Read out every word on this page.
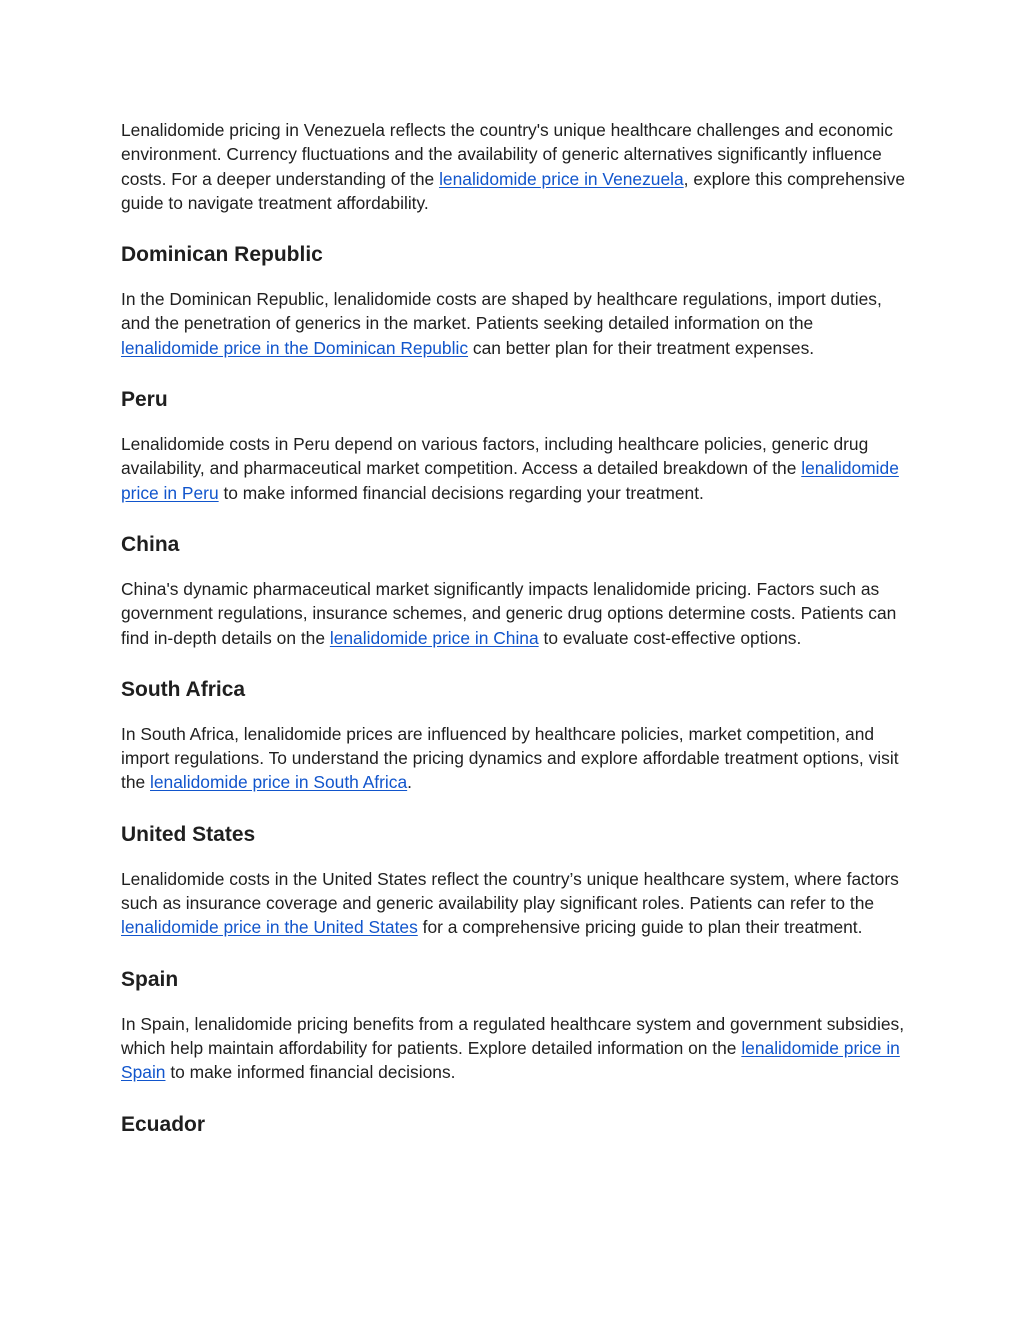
Lenalidomide pricing in Venezuela reflects the country's unique healthcare challenges and economic environment. Currency fluctuations and the availability of generic alternatives significantly influence costs. For a deeper understanding of the lenalidomide price in Venezuela, explore this comprehensive guide to navigate treatment affordability.

Dominican Republic

In the Dominican Republic, lenalidomide costs are shaped by healthcare regulations, import duties, and the penetration of generics in the market. Patients seeking detailed information on the lenalidomide price in the Dominican Republic can better plan for their treatment expenses.

Peru

Lenalidomide costs in Peru depend on various factors, including healthcare policies, generic drug availability, and pharmaceutical market competition. Access a detailed breakdown of the lenalidomide price in Peru to make informed financial decisions regarding your treatment.

China

China's dynamic pharmaceutical market significantly impacts lenalidomide pricing. Factors such as government regulations, insurance schemes, and generic drug options determine costs. Patients can find in-depth details on the lenalidomide price in China to evaluate cost-effective options.

South Africa

In South Africa, lenalidomide prices are influenced by healthcare policies, market competition, and import regulations. To understand the pricing dynamics and explore affordable treatment options, visit the lenalidomide price in South Africa.

United States

Lenalidomide costs in the United States reflect the country’s unique healthcare system, where factors such as insurance coverage and generic availability play significant roles. Patients can refer to the lenalidomide price in the United States for a comprehensive pricing guide to plan their treatment.

Spain

In Spain, lenalidomide pricing benefits from a regulated healthcare system and government subsidies, which help maintain affordability for patients. Explore detailed information on the lenalidomide price in Spain to make informed financial decisions.

Ecuador
